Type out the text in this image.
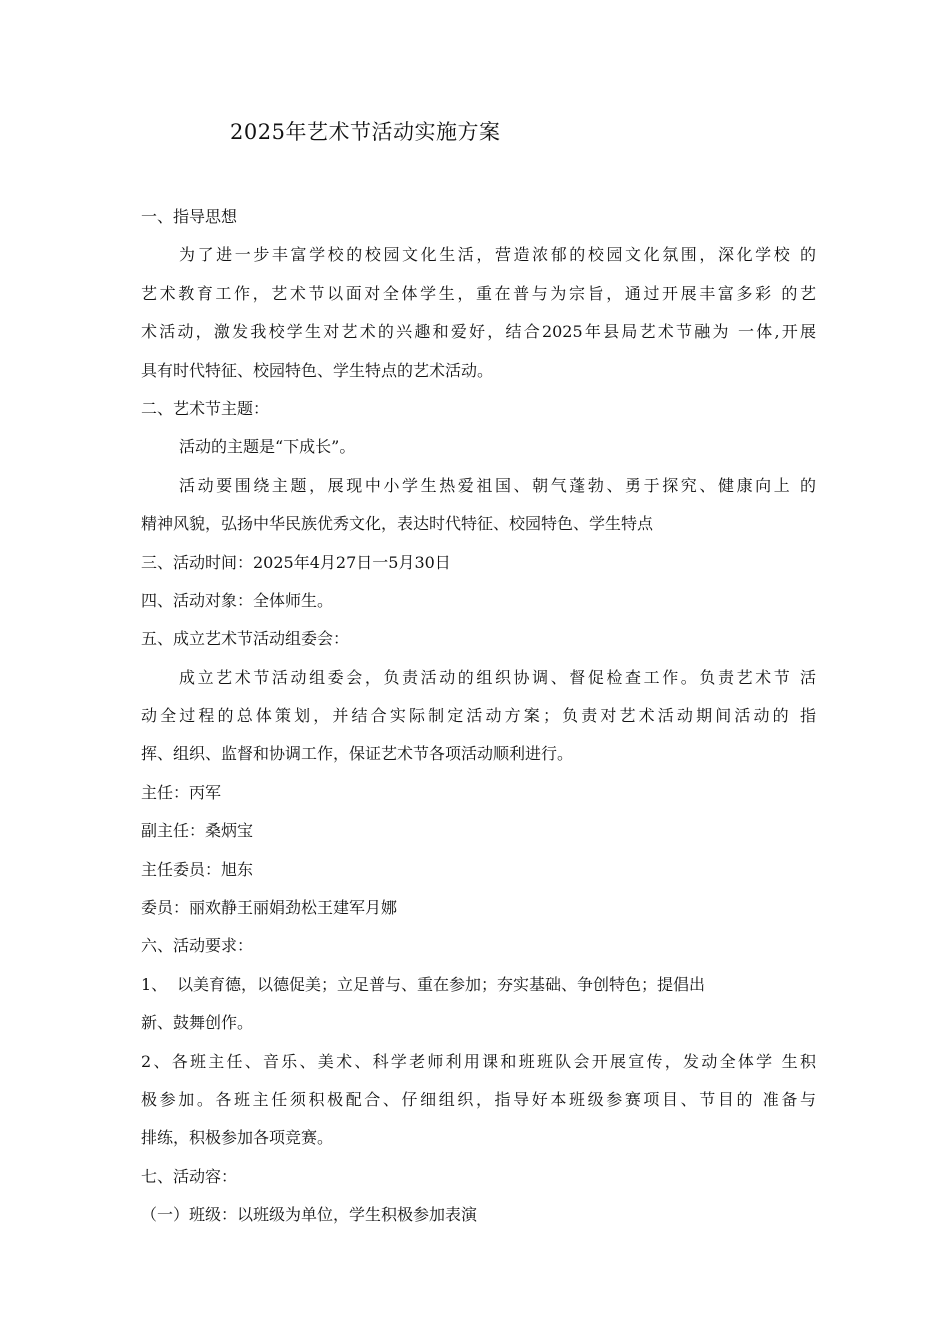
2025年艺术节活动实施方案
一、指导思想
为了进一步丰富学校的校园文化生活，营造浓郁的校园文化氛围，深化学校 的
艺术教育工作，艺术节以面对全体学生，重在普与为宗旨，通过开展丰富多彩 的艺
术活动，激发我校学生对艺术的兴趣和爱好，结合2025年县局艺术节融为 一体,开展
具有时代特征、校园特色、学生特点的艺术活动。
二、艺术节主题：
活动的主题是“下成长”。
活动要围绕主题，展现中小学生热爱祖国、朝气蓬勃、勇于探究、健康向上 的
精神风貌，弘扬中华民族优秀文化，表达时代特征、校园特色、学生特点
三、活动时间：2025年4月27日一5月30日
四、活动对象：全体师生。
五、成立艺术节活动组委会：
成立艺术节活动组委会，负责活动的组织协调、督促检查工作。负责艺术节 活
动全过程的总体策划，并结合实际制定活动方案；负责对艺术活动期间活动的 指
挥、组织、监督和协调工作，保证艺术节各项活动顺利进行。
主任：丙军
副主任：桑炳宝
主任委员：旭东
委员：丽欢静王丽娟劲松王建军月娜
六、活动要求：
1、 以美育德，以德促美；立足普与、重在参加；夯实基础、争创特色；提倡出
新、鼓舞创作。
2、各班主任、音乐、美术、科学老师利用课和班班队会开展宣传，发动全体学 生积
极参加。各班主任须积极配合、仔细组织，指导好本班级参赛项目、节目的 准备与
排练，积极参加各项竞赛。
七、活动容：
（一）班级：以班级为单位，学生积极参加表演
